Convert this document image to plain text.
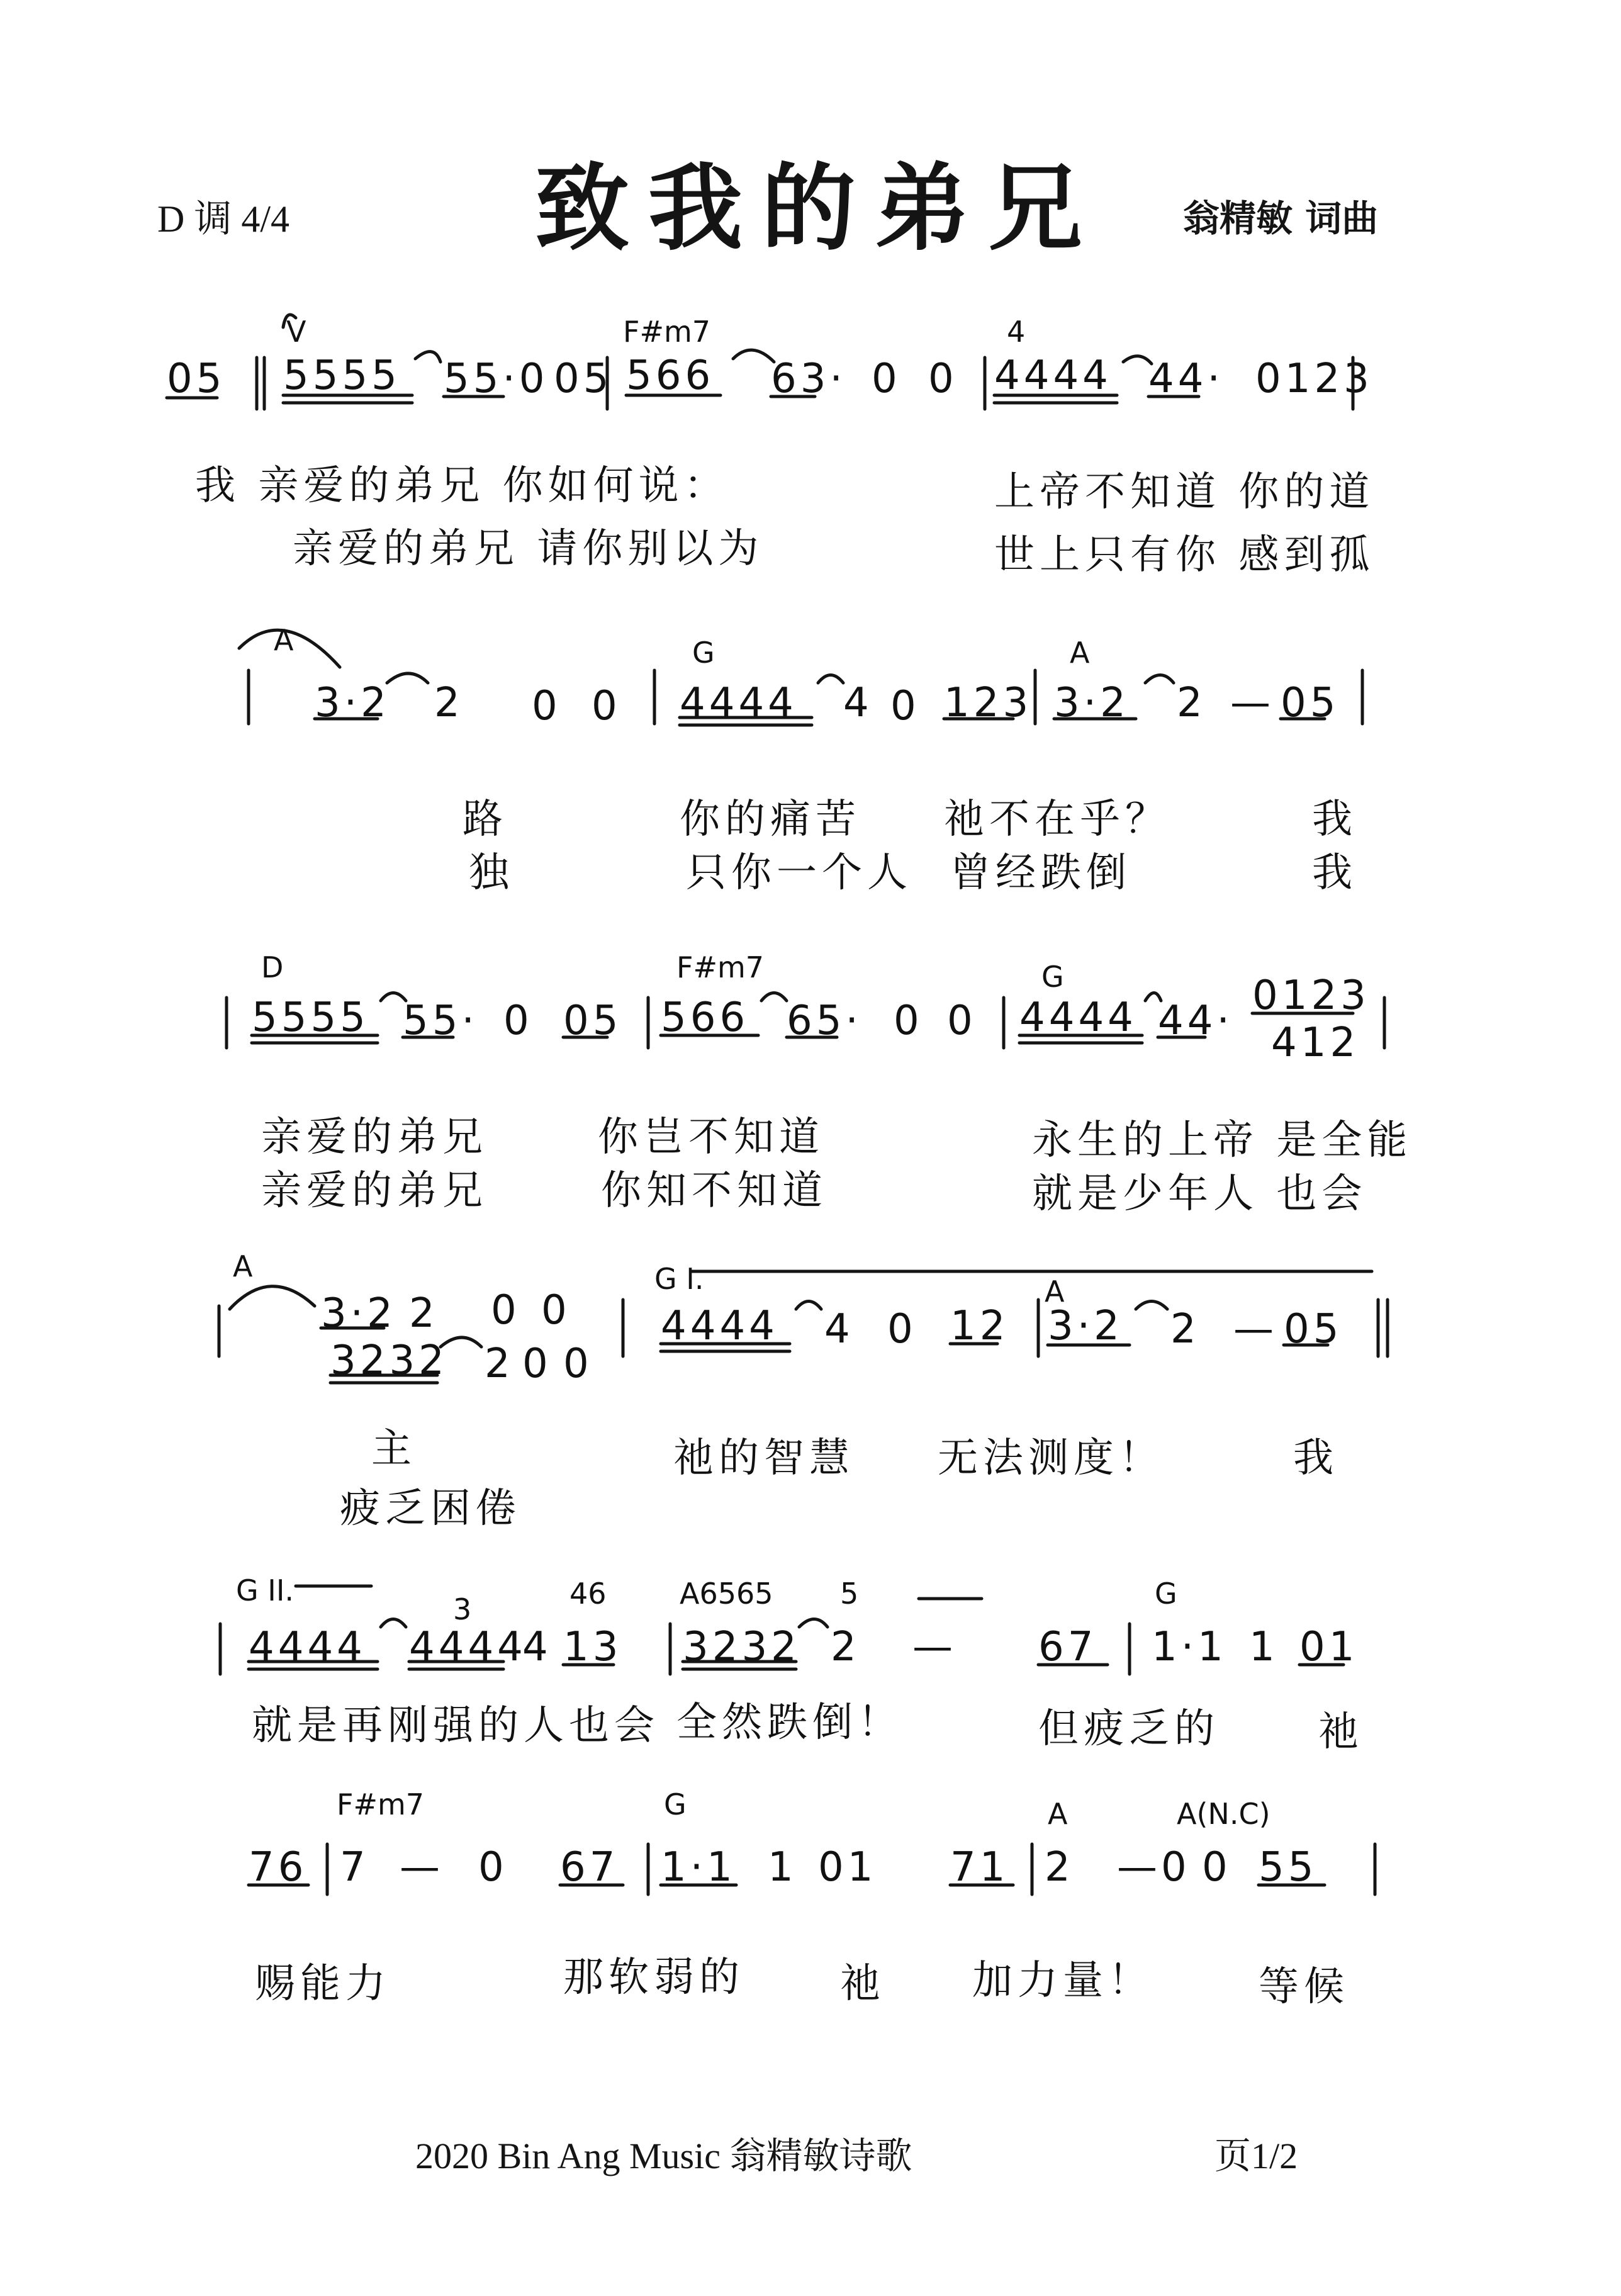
D 调 4/4	致我的弟兄 翁精敏 词曲
V	F#m7	4
05 5555 55·0 05 566 63· 0 0 4444 44· 0123
我 亲爱的弟兄 你如何说：
亲爱的弟兄 请你别以为
上帝不知道 你的道
世上只有你 感到孤
A	G	A
3·2 2 0 0 4444 4 0 123 3·2 2 — 05
路
独
你的痛苦
只你一个人
祂不在乎？
曾经跌倒
我
我
D	F#m7	G
5555 55· 0 05 566 65· 0 0 4444 44·
0123
412
亲爱的弟兄
亲爱的弟兄
你岂不知道
你知不知道
永生的上帝 是全能
就是少年人 也会
A	G I.	A
3·2 2 0 0
3232 2 0 0
4444 4 0 12 3·2 2 — 05
主
疲乏困倦
祂的智慧 无法测度！	我
G II.
3	46	A6565 5	G
4444 4444
4 13 3232 2 — 67 1·1 1 01
就是再刚强的人也会 全然跌倒！	但疲乏的 祂
F#m7	G	A	A(N.C)
76 7 — 0 67 1·1 1 01 71 2 — 0 0 55
赐能力	那软弱的 祂 加力量！	等候
2020 Bin Ang Music 翁精敏诗歌	页1/2
